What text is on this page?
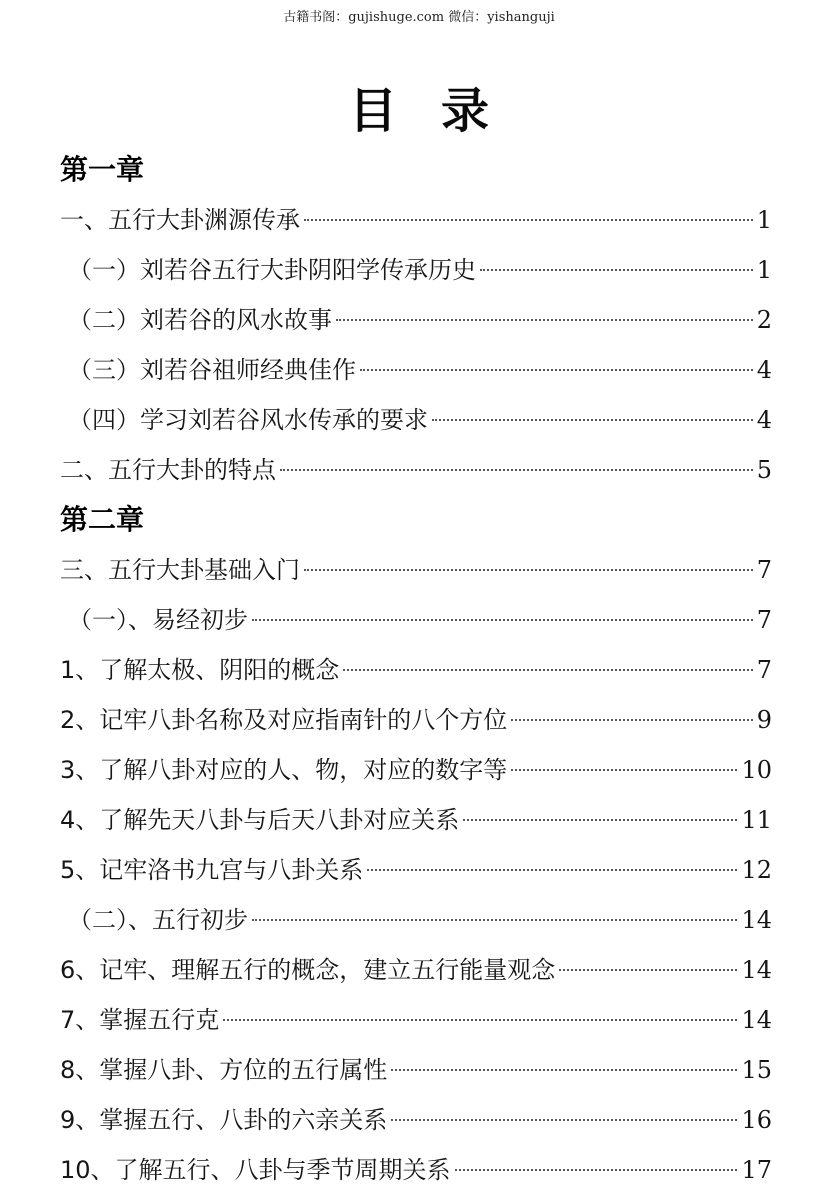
古籍书阁：gujishuge.com 微信：yishanguji
目录
第一章
一、五行大卦渊源传承	1
（一）刘若谷五行大卦阴阳学传承历史	1
（二）刘若谷的风水故事	2
（三）刘若谷祖师经典佳作	4
（四）学习刘若谷风水传承的要求	4
二、五行大卦的特点	5
第二章
三、五行大卦基础入门	7
（一）、易经初步	7
1、了解太极、阴阳的概念	7
2、记牢八卦名称及对应指南针的八个方位	9
3、了解八卦对应的人、物，对应的数字等	10
4、了解先天八卦与后天八卦对应关系	11
5、记牢洛书九宫与八卦关系	12
（二）、五行初步	14
6、记牢、理解五行的概念，建立五行能量观念	14
7、掌握五行克	14
8、掌握八卦、方位的五行属性	15
9、掌握五行、八卦的六亲关系	16
10、了解五行、八卦与季节周期关系	17
